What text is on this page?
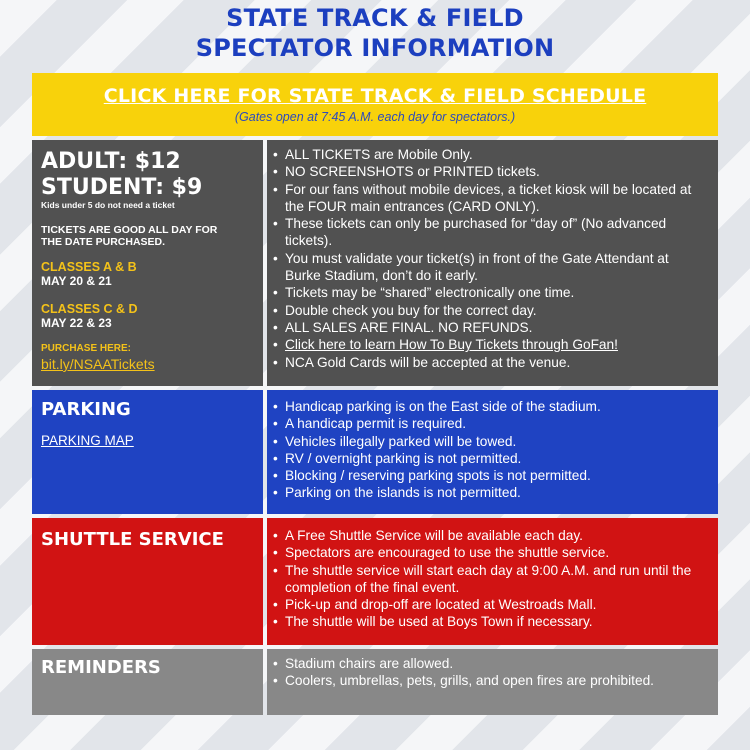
STATE TRACK & FIELD
SPECTATOR INFORMATION
CLICK HERE FOR STATE TRACK & FIELD SCHEDULE
(Gates open at 7:45 A.M. each day for spectators.)
ADULT: $12
STUDENT: $9
Kids under 5 do not need a ticket
TICKETS ARE GOOD ALL DAY FOR
THE DATE PURCHASED.
CLASSES A & B
MAY 20 & 21
CLASSES C & D
MAY 22 & 23
PURCHASE HERE:
bit.ly/NSAATickets
• ALL TICKETS are Mobile Only.
• NO SCREENSHOTS or PRINTED tickets.
• For our fans without mobile devices, a ticket kiosk will be located at the FOUR main entrances (CARD ONLY).
• These tickets can only be purchased for “day of” (No advanced tickets).
• You must validate your ticket(s) in front of the Gate Attendant at Burke Stadium, don’t do it early.
• Tickets may be “shared” electronically one time.
• Double check you buy for the correct day.
• ALL SALES ARE FINAL. NO REFUNDS.
• Click here to learn How To Buy Tickets through GoFan!
• NCA Gold Cards will be accepted at the venue.
PARKING
PARKING MAP
• Handicap parking is on the East side of the stadium.
• A handicap permit is required.
• Vehicles illegally parked will be towed.
• RV / overnight parking is not permitted.
• Blocking / reserving parking spots is not permitted.
• Parking on the islands is not permitted.
SHUTTLE SERVICE	• A Free Shuttle Service will be available each day.
• Spectators are encouraged to use the shuttle service.
• The shuttle service will start each day at 9:00 A.M. and run until the completion of the final event.
• Pick-up and drop-off are located at Westroads Mall.
• The shuttle will be used at Boys Town if necessary.
REMINDERS	• Stadium chairs are allowed.
• Coolers, umbrellas, pets, grills, and open fires are prohibited.
